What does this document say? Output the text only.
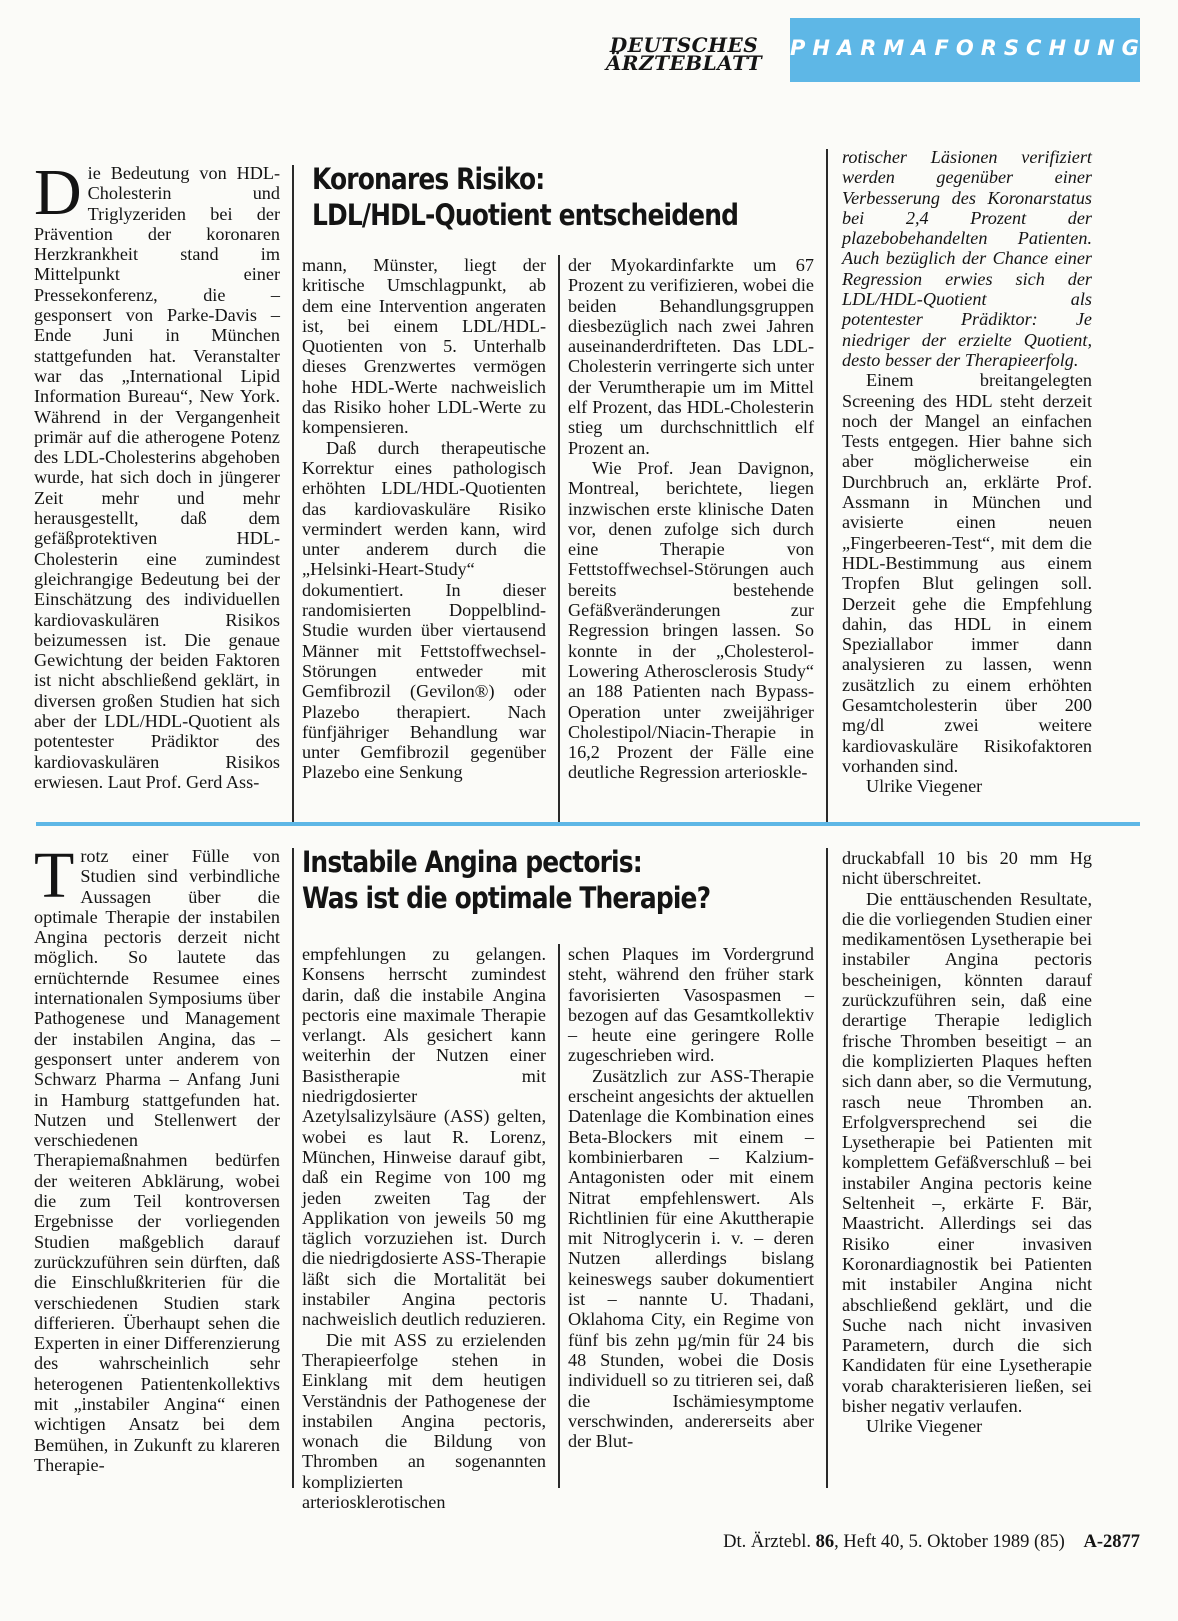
DEUTSCHES
ÄRZTEBLATT
PHARMAFORSCHUNG

Die Bedeutung von HDL-Cholesterin und Triglyzeriden bei der Prävention der koronaren Herzkrankheit stand im Mittelpunkt einer Pressekonferenz, die – gesponsert von Parke-Davis – Ende Juni in München stattgefunden hat. Veranstalter war das „International Lipid Information Bureau“, New York. Während in der Vergangenheit primär auf die atherogene Potenz des LDL-Cholesterins abgehoben wurde, hat sich doch in jüngerer Zeit mehr und mehr herausgestellt, daß dem gefäßprotektiven HDL-Cholesterin eine zumindest gleichrangige Bedeutung bei der Einschätzung des individuellen kardiovaskulären Risikos beizumessen ist. Die genaue Gewichtung der beiden Faktoren ist nicht abschließend geklärt, in diversen großen Studien hat sich aber der LDL/HDL-Quotient als potentester Prädiktor des kardiovaskulären Risikos erwiesen. Laut Prof. Gerd Ass-

Koronares Risiko:
LDL/HDL-Quotient entscheidend

mann, Münster, liegt der kritische Umschlagpunkt, ab dem eine Intervention angeraten ist, bei einem LDL/HDL-Quotienten von 5. Unterhalb dieses Grenzwertes vermögen hohe HDL-Werte nachweislich das Risiko hoher LDL-Werte zu kompensieren.

Daß durch therapeutische Korrektur eines pathologisch erhöhten LDL/HDL-Quotienten das kardiovaskuläre Risiko vermindert werden kann, wird unter anderem durch die „Helsinki-Heart-Study“ dokumentiert. In dieser randomisierten Doppelblind-Studie wurden über viertausend Männer mit Fettstoffwechsel-Störungen entweder mit Gemfibrozil (Gevilon®) oder Plazebo therapiert. Nach fünfjähriger Behandlung war unter Gemfibrozil gegenüber Plazebo eine Senkung

der Myokardinfarkte um 67 Prozent zu verifizieren, wobei die beiden Behandlungsgruppen diesbezüglich nach zwei Jahren auseinanderdrifteten. Das LDL-Cholesterin verringerte sich unter der Verumtherapie um im Mittel elf Prozent, das HDL-Cholesterin stieg um durchschnittlich elf Prozent an.

Wie Prof. Jean Davignon, Montreal, berichtete, liegen inzwischen erste klinische Daten vor, denen zufolge sich durch eine Therapie von Fettstoffwechsel-Störungen auch bereits bestehende Gefäßveränderungen zur Regression bringen lassen. So konnte in der „Cholesterol-Lowering Atherosclerosis Study“ an 188 Patienten nach Bypass-Operation unter zweijähriger Cholestipol/Niacin-Therapie in 16,2 Prozent der Fälle eine deutliche Regression arterioskle-

rotischer Läsionen verifiziert werden gegenüber einer Verbesserung des Koronarstatus bei 2,4 Prozent der plazebobehandelten Patienten. Auch bezüglich der Chance einer Regression erwies sich der LDL/HDL-Quotient als potentester Prädiktor: Je niedriger der erzielte Quotient, desto besser der Therapieerfolg.

Einem breitangelegten Screening des HDL steht derzeit noch der Mangel an einfachen Tests entgegen. Hier bahne sich aber möglicherweise ein Durchbruch an, erklärte Prof. Assmann in München und avisierte einen neuen „Fingerbeeren-Test“, mit dem die HDL-Bestimmung aus einem Tropfen Blut gelingen soll. Derzeit gehe die Empfehlung dahin, das HDL in einem Speziallabor immer dann analysieren zu lassen, wenn zusätzlich zu einem erhöhten Gesamtcholesterin über 200 mg/dl zwei weitere kardiovaskuläre Risikofaktoren vorhanden sind.

Ulrike Viegener

Trotz einer Fülle von Studien sind verbindliche Aussagen über die optimale Therapie der instabilen Angina pectoris derzeit nicht möglich. So lautete das ernüchternde Resumee eines internationalen Symposiums über Pathogenese und Management der instabilen Angina, das – gesponsert unter anderem von Schwarz Pharma – Anfang Juni in Hamburg stattgefunden hat. Nutzen und Stellenwert der verschiedenen Therapiemaßnahmen bedürfen der weiteren Abklärung, wobei die zum Teil kontroversen Ergebnisse der vorliegenden Studien maßgeblich darauf zurückzuführen sein dürften, daß die Einschlußkriterien für die verschiedenen Studien stark differieren. Überhaupt sehen die Experten in einer Differenzierung des wahrscheinlich sehr heterogenen Patientenkollektivs mit „instabiler Angina“ einen wichtigen Ansatz bei dem Bemühen, in Zukunft zu klareren Therapie-

Instabile Angina pectoris:
Was ist die optimale Therapie?

empfehlungen zu gelangen. Konsens herrscht zumindest darin, daß die instabile Angina pectoris eine maximale Therapie verlangt. Als gesichert kann weiterhin der Nutzen einer Basistherapie mit niedrigdosierter Azetylsalizylsäure (ASS) gelten, wobei es laut R. Lorenz, München, Hinweise darauf gibt, daß ein Regime von 100 mg jeden zweiten Tag der Applikation von jeweils 50 mg täglich vorzuziehen ist. Durch die niedrigdosierte ASS-Therapie läßt sich die Mortalität bei instabiler Angina pectoris nachweislich deutlich reduzieren.

Die mit ASS zu erzielenden Therapieerfolge stehen in Einklang mit dem heutigen Verständnis der Pathogenese der instabilen Angina pectoris, wonach die Bildung von Thromben an sogenannten komplizierten arteriosklerotischen

schen Plaques im Vordergrund steht, während den früher stark favorisierten Vasospasmen – bezogen auf das Gesamtkollektiv – heute eine geringere Rolle zugeschrieben wird.

Zusätzlich zur ASS-Therapie erscheint angesichts der aktuellen Datenlage die Kombination eines Beta-Blockers mit einem – kombinierbaren – Kalzium-Antagonisten oder mit einem Nitrat empfehlenswert. Als Richtlinien für eine Akuttherapie mit Nitroglycerin i. v. – deren Nutzen allerdings bislang keineswegs sauber dokumentiert ist – nannte U. Thadani, Oklahoma City, ein Regime von fünf bis zehn µg/min für 24 bis 48 Stunden, wobei die Dosis individuell so zu titrieren sei, daß die Ischämiesymptome verschwinden, andererseits aber der Blut-

druckabfall 10 bis 20 mm Hg nicht überschreitet.

Die enttäuschenden Resultate, die die vorliegenden Studien einer medikamentösen Lysetherapie bei instabiler Angina pectoris bescheinigen, könnten darauf zurückzuführen sein, daß eine derartige Therapie lediglich frische Thromben beseitigt – an die komplizierten Plaques heften sich dann aber, so die Vermutung, rasch neue Thromben an. Erfolgversprechend sei die Lysetherapie bei Patienten mit komplettem Gefäßverschluß – bei instabiler Angina pectoris keine Seltenheit –, erkärte F. Bär, Maastricht. Allerdings sei das Risiko einer invasiven Koronardiagnostik bei Patienten mit instabiler Angina nicht abschließend geklärt, und die Suche nach nicht invasiven Parametern, durch die sich Kandidaten für eine Lysetherapie vorab charakterisieren ließen, sei bisher negativ verlaufen.

Ulrike Viegener

Dt. Ärztebl. 86, Heft 40, 5. Oktober 1989 (85) A-2877
